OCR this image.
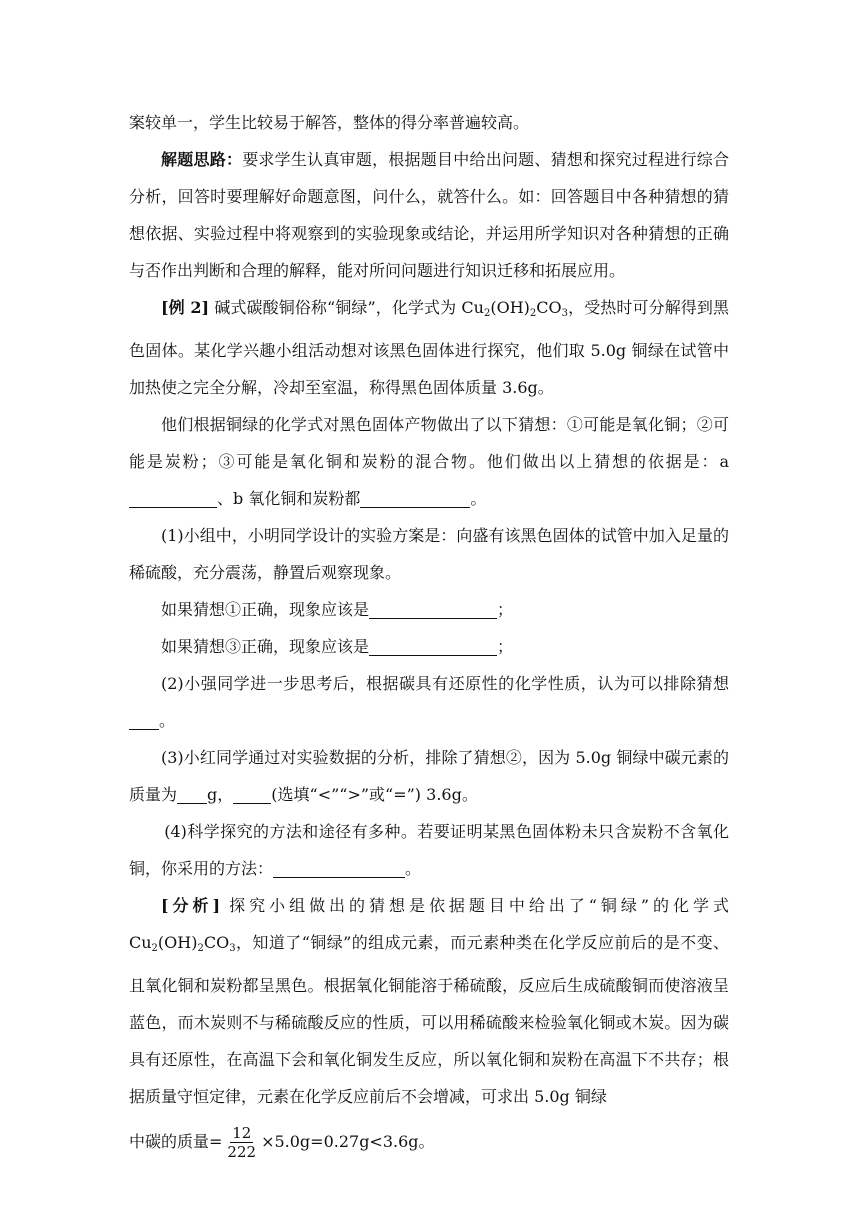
案较单一，学生比较易于解答，整体的得分率普遍较高。

解题思路：要求学生认真审题，根据题目中给出问题、猜想和探究过程进行综合分析，回答时要理解好命题意图，问什么，就答什么。如：回答题目中各种猜想的猜想依据、实验过程中将观察到的实验现象或结论，并运用所学知识对各种猜想的正确与否作出判断和合理的解释，能对所问问题进行知识迁移和拓展应用。

[例 2] 碱式碳酸铜俗称“铜绿”，化学式为 $Cu_2(OH)_2CO_3$，受热时可分解得到黑色固体。某化学兴趣小组活动想对该黑色固体进行探究，他们取 5.0g 铜绿在试管中加热使之完全分解，冷却至室温，称得黑色固体质量 3.6g。

他们根据铜绿的化学式对黑色固体产物做出了以下猜想：①可能是氧化铜；②可能是炭粉；③可能是氧化铜和炭粉的混合物。他们做出以上猜想的依据是：a、b 氧化铜和炭粉都	。

(1)小组中，小明同学设计的实验方案是：向盛有该黑色固体的试管中加入足量的稀硫酸，充分震荡，静置后观察现象。

如果猜想①正确，现象应该是	；

如果猜想③正确，现象应该是	；

(2)小强同学进一步思考后，根据碳具有还原性的化学性质，认为可以排除猜想。

(3)小红同学通过对实验数据的分析，排除了猜想②，因为 5.0g 铜绿中碳元素的质量为 g， (选填“<”“>”或“=”) 3.6g。

(4)科学探究的方法和途径有多种。若要证明某黑色固体粉未只含炭粉不含氧化铜，你采用的方法：	。

[分析] 探究小组做出的猜想是依据题目中给出了“铜绿”的化学式 $Cu_2(OH)_2CO_3$，知道了“铜绿”的组成元素，而元素种类在化学反应前后的是不变、且氧化铜和炭粉都呈黑色。根据氧化铜能溶于稀硫酸，反应后生成硫酸铜而使溶液呈蓝色，而木炭则不与稀硫酸反应的性质，可以用稀硫酸来检验氧化铜或木炭。因为碳具有还原性，在高温下会和氧化铜发生反应，所以氧化铜和炭粉在高温下不共存；根据质量守恒定律，元素在化学反应前后不会增减，可求出 5.0g 铜绿

中碳的质量= $\frac{12}{222} \times 5.0g=0.27g<3.6g$。
